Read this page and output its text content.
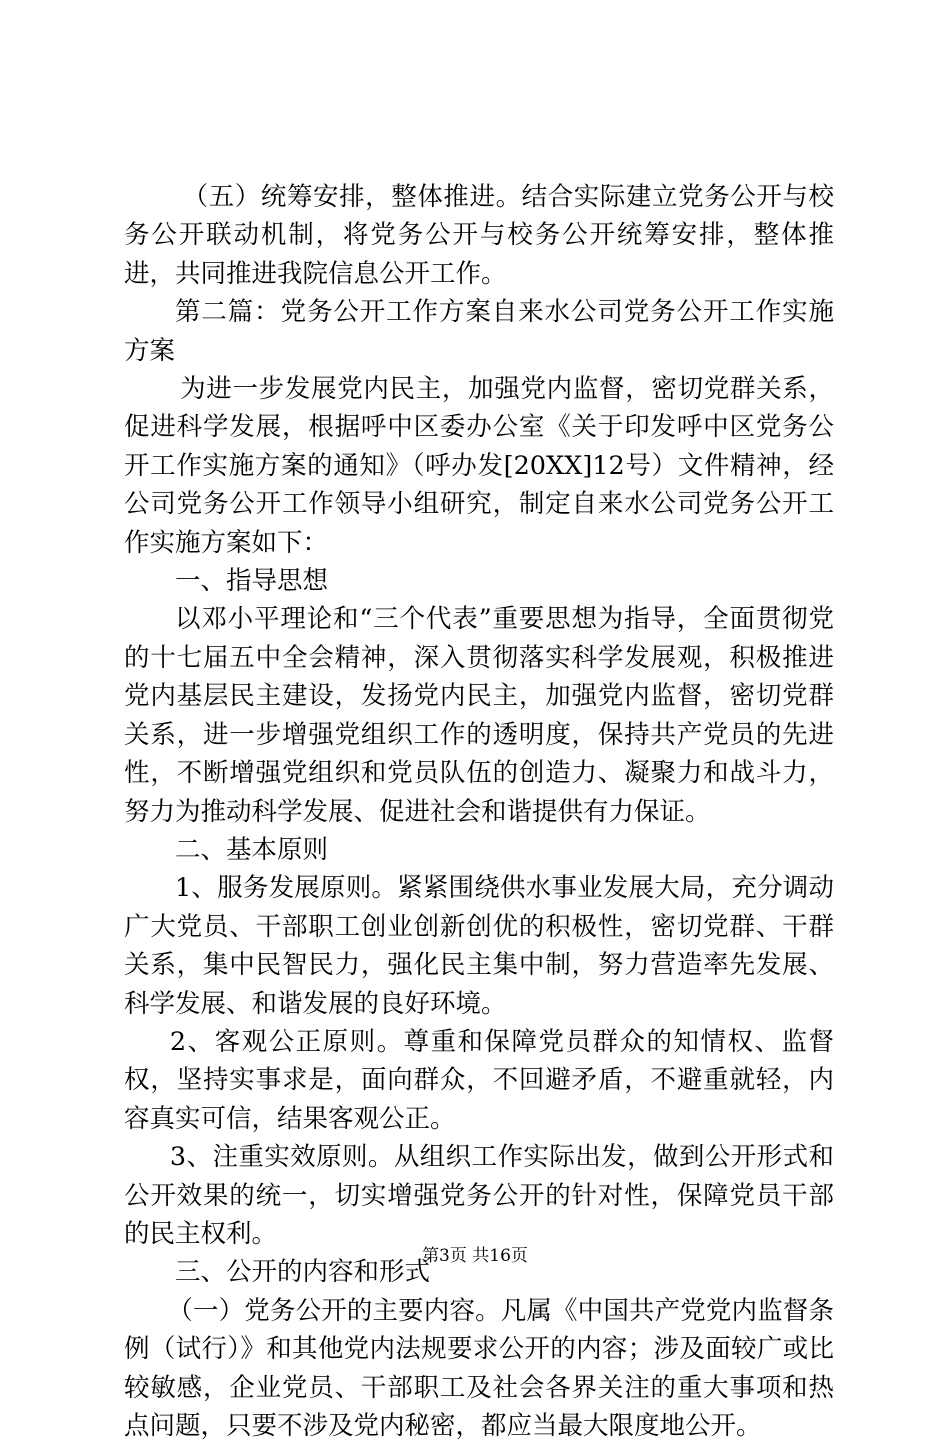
（五）统筹安排，整体推进。结合实际建立党务公开与校务公开联动机制，将党务公开与校务公开统筹安排，整体推进，共同推进我院信息公开工作。

第二篇：党务公开工作方案自来水公司党务公开工作实施方案

为进一步发展党内民主，加强党内监督，密切党群关系，促进科学发展，根据呼中区委办公室《关于印发呼中区党务公开工作实施方案的通知》（呼办发[20XX]12号）文件精神，经公司党务公开工作领导小组研究，制定自来水公司党务公开工作实施方案如下：

一、指导思想

以邓小平理论和“三个代表”重要思想为指导，全面贯彻党的十七届五中全会精神，深入贯彻落实科学发展观，积极推进党内基层民主建设，发扬党内民主，加强党内监督，密切党群关系，进一步增强党组织工作的透明度，保持共产党员的先进性，不断增强党组织和党员队伍的创造力、凝聚力和战斗力，努力为推动科学发展、促进社会和谐提供有力保证。

二、基本原则

1、服务发展原则。紧紧围绕供水事业发展大局，充分调动广大党员、干部职工创业创新创优的积极性，密切党群、干群关系，集中民智民力，强化民主集中制，努力营造率先发展、科学发展、和谐发展的良好环境。

2、客观公正原则。尊重和保障党员群众的知情权、监督权，坚持实事求是，面向群众，不回避矛盾，不避重就轻，内容真实可信，结果客观公正。

3、注重实效原则。从组织工作实际出发，做到公开形式和公开效果的统一，切实增强党务公开的针对性，保障党员干部的民主权利。

三、公开的内容和形式

（一）党务公开的主要内容。凡属《中国共产党党内监督条例（试行）》和其他党内法规要求公开的内容；涉及面较广或比较敏感，企业党员、干部职工及社会各界关注的重大事项和热点问题，只要不涉及党内秘密，都应当最大限度地公开。

第3页 共16页
